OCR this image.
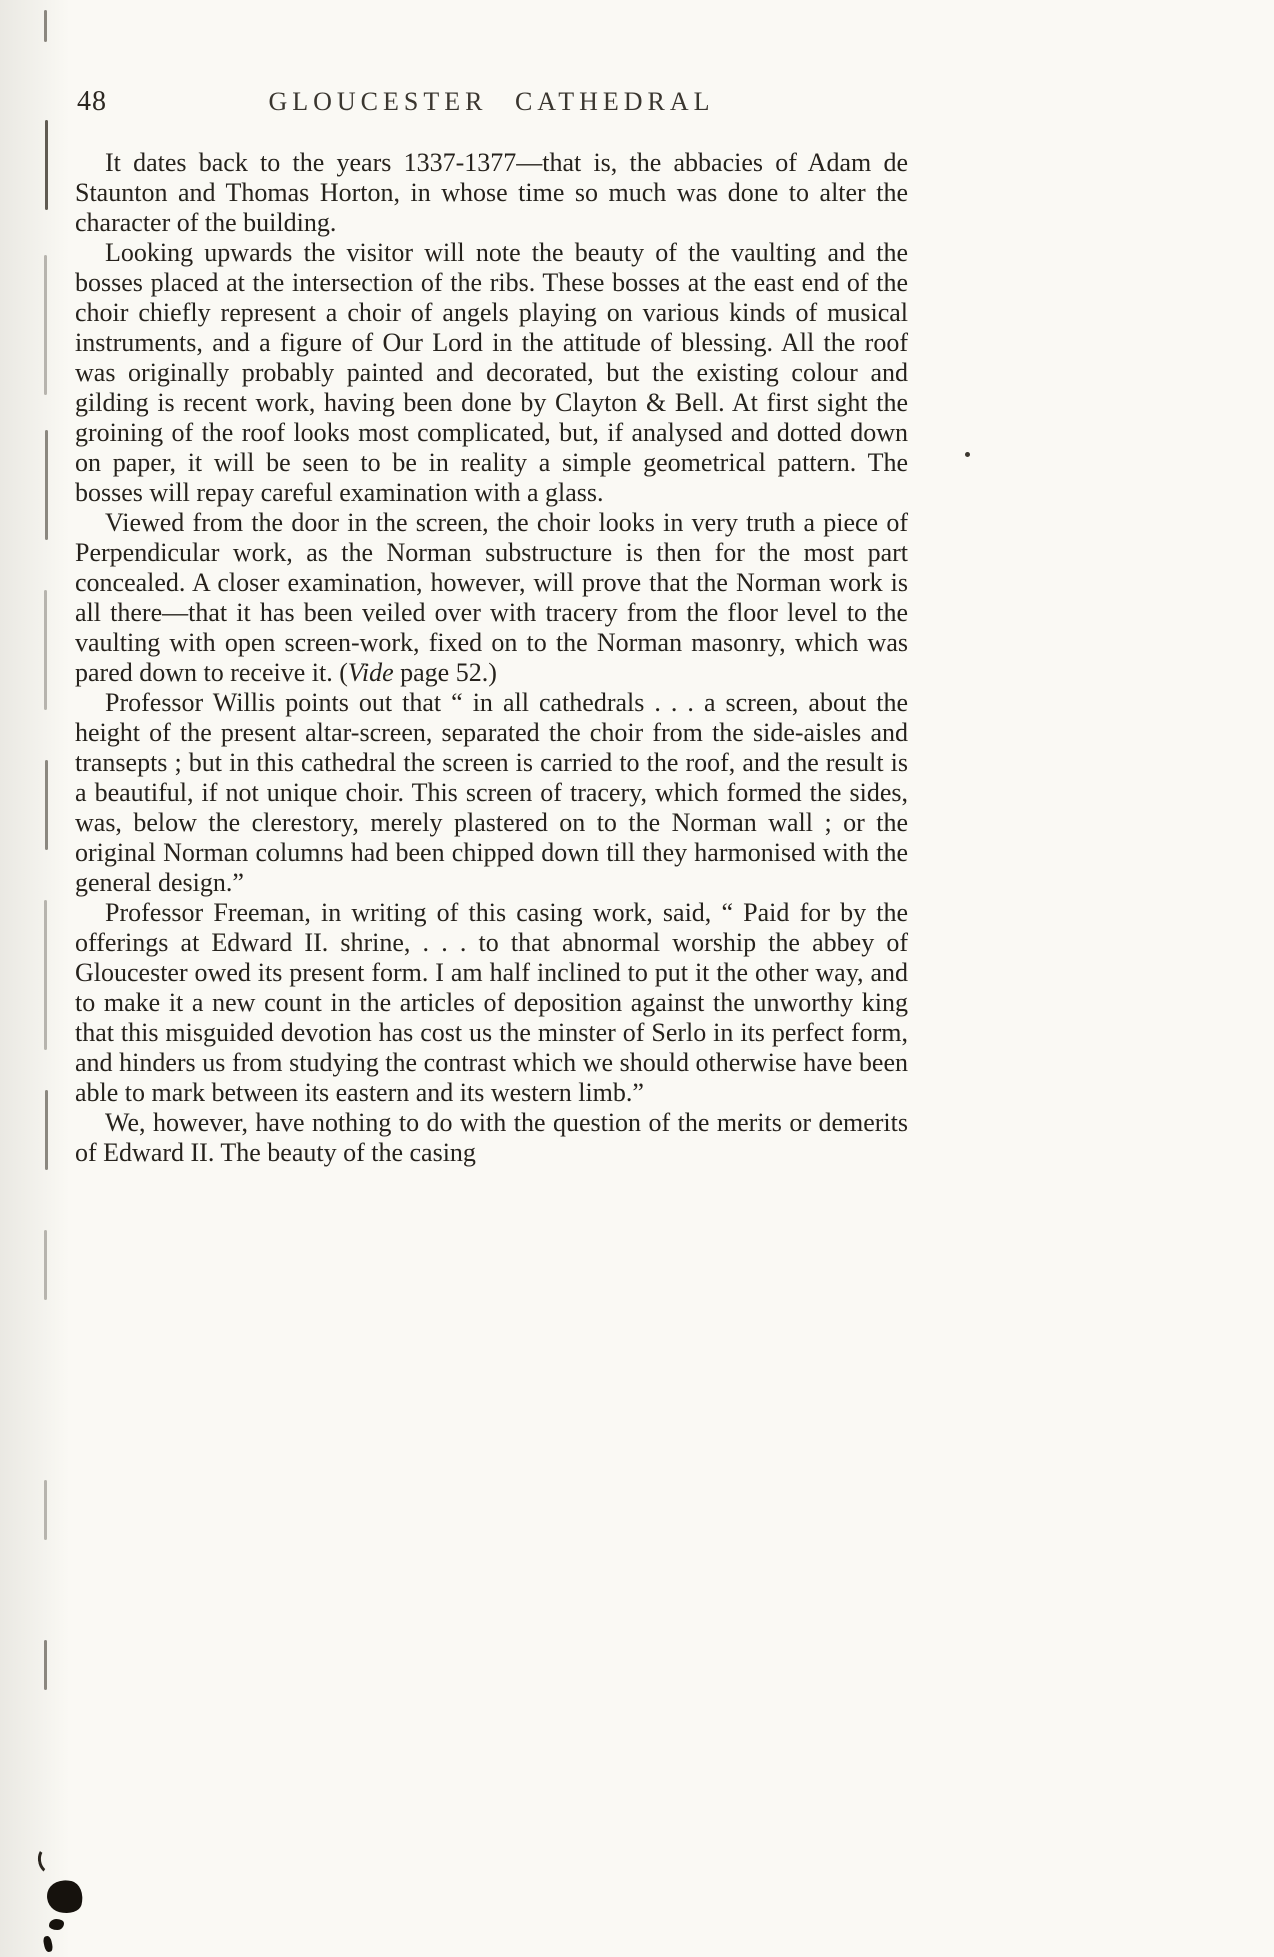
48	GLOUCESTER CATHEDRAL

It dates back to the years 1337-1377—that is, the abbacies of Adam de Staunton and Thomas Horton, in whose time so much was done to alter the character of the building.

Looking upwards the visitor will note the beauty of the vaulting and the bosses placed at the intersection of the ribs. These bosses at the east end of the choir chiefly represent a choir of angels playing on various kinds of musical instruments, and a figure of Our Lord in the attitude of blessing. All the roof was originally probably painted and decorated, but the existing colour and gilding is recent work, having been done by Clayton & Bell. At first sight the groining of the roof looks most complicated, but, if analysed and dotted down on paper, it will be seen to be in reality a simple geometrical pattern. The bosses will repay careful examination with a glass.

Viewed from the door in the screen, the choir looks in very truth a piece of Perpendicular work, as the Norman substructure is then for the most part concealed. A closer examination, however, will prove that the Norman work is all there—that it has been veiled over with tracery from the floor level to the vaulting with open screen-work, fixed on to the Norman masonry, which was pared down to receive it. (Vide page 52.)

Professor Willis points out that “ in all cathedrals . . . a screen, about the height of the present altar-screen, separated the choir from the side-aisles and transepts ; but in this cathedral the screen is carried to the roof, and the result is a beautiful, if not unique choir. This screen of tracery, which formed the sides, was, below the clerestory, merely plastered on to the Norman wall ; or the original Norman columns had been chipped down till they harmonised with the general design.”

Professor Freeman, in writing of this casing work, said, “ Paid for by the offerings at Edward II. shrine, . . . to that abnormal worship the abbey of Gloucester owed its present form. I am half inclined to put it the other way, and to make it a new count in the articles of deposition against the unworthy king that this misguided devotion has cost us the minster of Serlo in its perfect form, and hinders us from studying the contrast which we should otherwise have been able to mark between its eastern and its western limb.”

We, however, have nothing to do with the question of the merits or demerits of Edward II. The beauty of the casing
